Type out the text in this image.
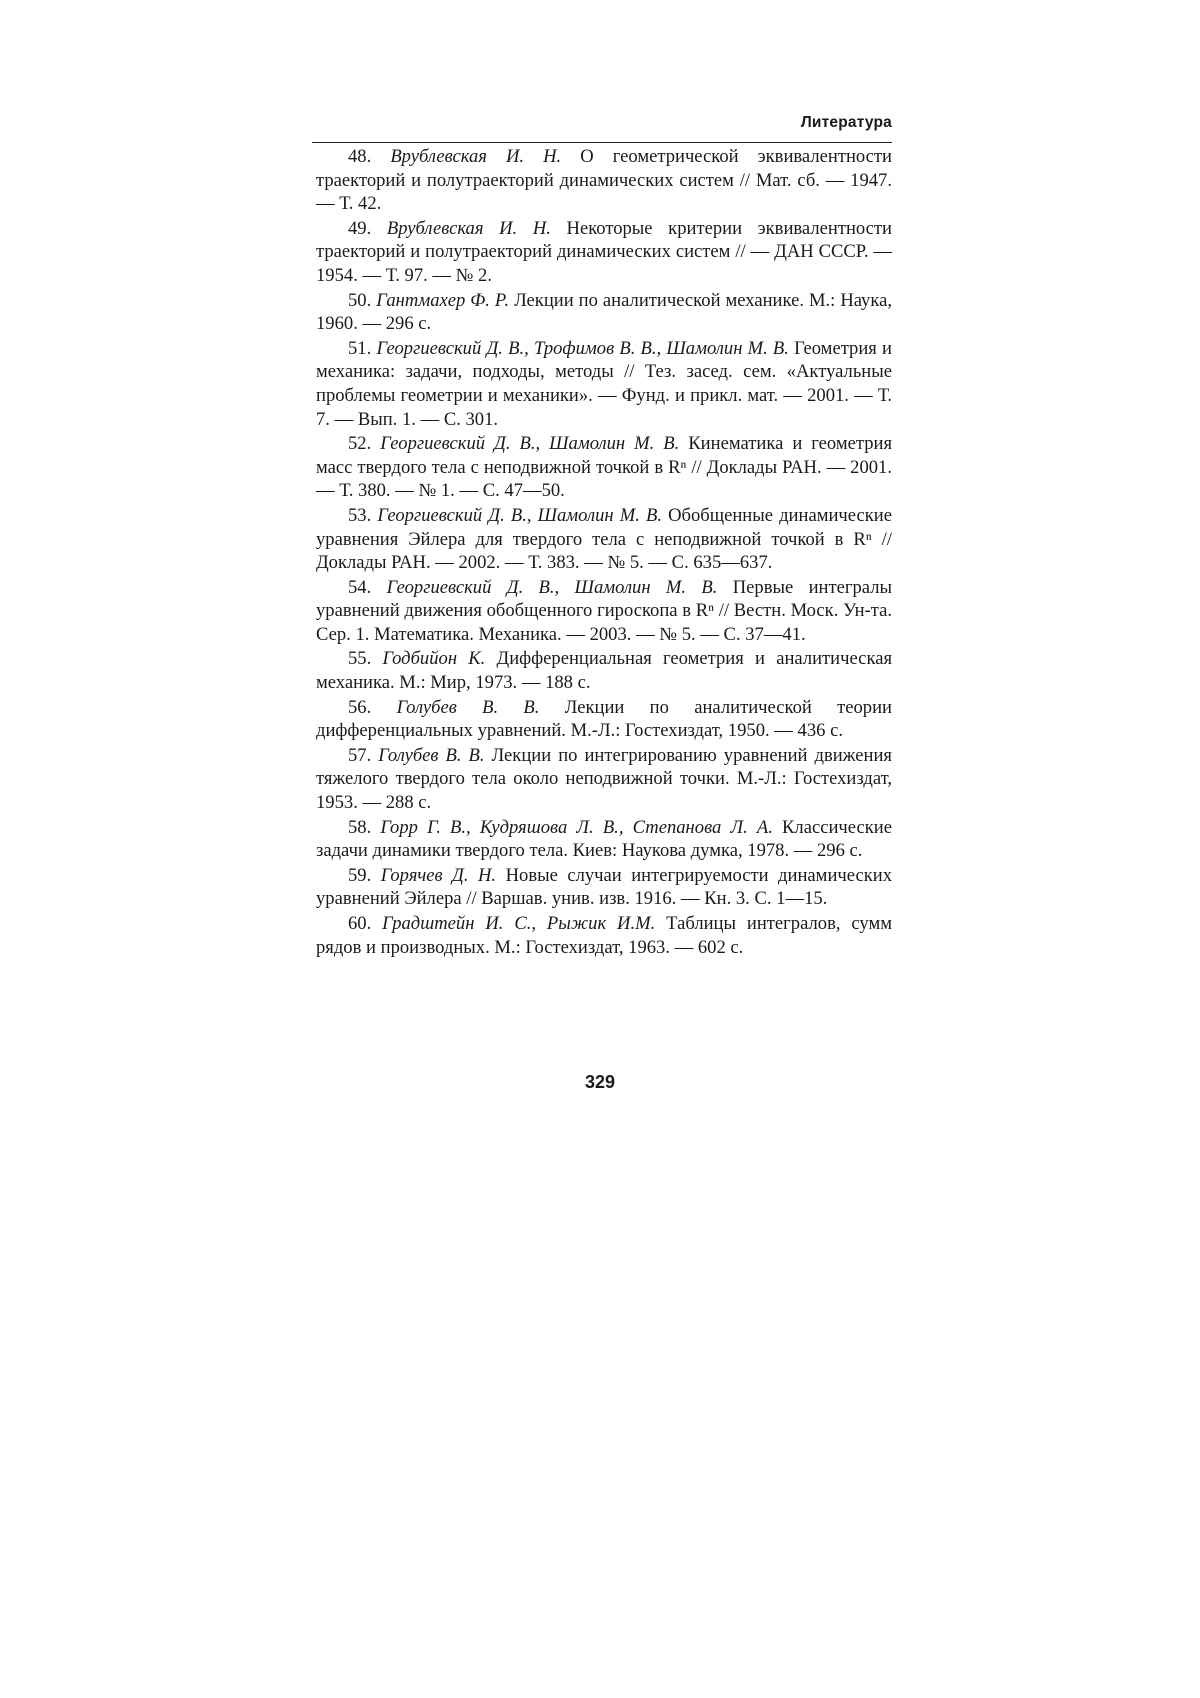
Литература
48. Врублевская И. Н. О геометрической эквивалентности траекторий и полутраекторий динамических систем // Мат. сб. — 1947. — Т. 42.
49. Врублевская И. Н. Некоторые критерии эквивалентности траекторий и полутраекторий динамических систем // — ДАН СССР. — 1954. — Т. 97. — № 2.
50. Гантмахер Ф. Р. Лекции по аналитической механике. М.: Наука, 1960. — 296 с.
51. Георгиевский Д. В., Трофимов В. В., Шамолин М. В. Геометрия и механика: задачи, подходы, методы // Тез. засед. сем. «Актуальные проблемы геометрии и механики». — Фунд. и прикл. мат. — 2001. — Т. 7. — Вып. 1. — С. 301.
52. Георгиевский Д. В., Шамолин М. В. Кинематика и геометрия масс твердого тела с неподвижной точкой в Rⁿ // Доклады РАН. — 2001. — Т. 380. — № 1. — С. 47—50.
53. Георгиевский Д. В., Шамолин М. В. Обобщенные динамические уравнения Эйлера для твердого тела с неподвижной точкой в Rⁿ // Доклады РАН. — 2002. — Т. 383. — № 5. — С. 635—637.
54. Георгиевский Д. В., Шамолин М. В. Первые интегралы уравнений движения обобщенного гироскопа в Rⁿ // Вестн. Моск. Ун-та. Сер. 1. Математика. Механика. — 2003. — № 5. — С. 37—41.
55. Годбийон К. Дифференциальная геометрия и аналитическая механика. М.: Мир, 1973. — 188 с.
56. Голубев В. В. Лекции по аналитической теории дифференциальных уравнений. М.-Л.: Гостехиздат, 1950. — 436 с.
57. Голубев В. В. Лекции по интегрированию уравнений движения тяжелого твердого тела около неподвижной точки. М.-Л.: Гостехиздат, 1953. — 288 с.
58. Горр Г. В., Кудряшова Л. В., Степанова Л. А. Классические задачи динамики твердого тела. Киев: Наукова думка, 1978. — 296 с.
59. Горячев Д. Н. Новые случаи интегрируемости динамических уравнений Эйлера // Варшав. унив. изв. 1916. — Кн. 3. С. 1—15.
60. Градштейн И. С., Рыжик И.М. Таблицы интегралов, сумм рядов и производных. М.: Гостехиздат, 1963. — 602 с.
329
